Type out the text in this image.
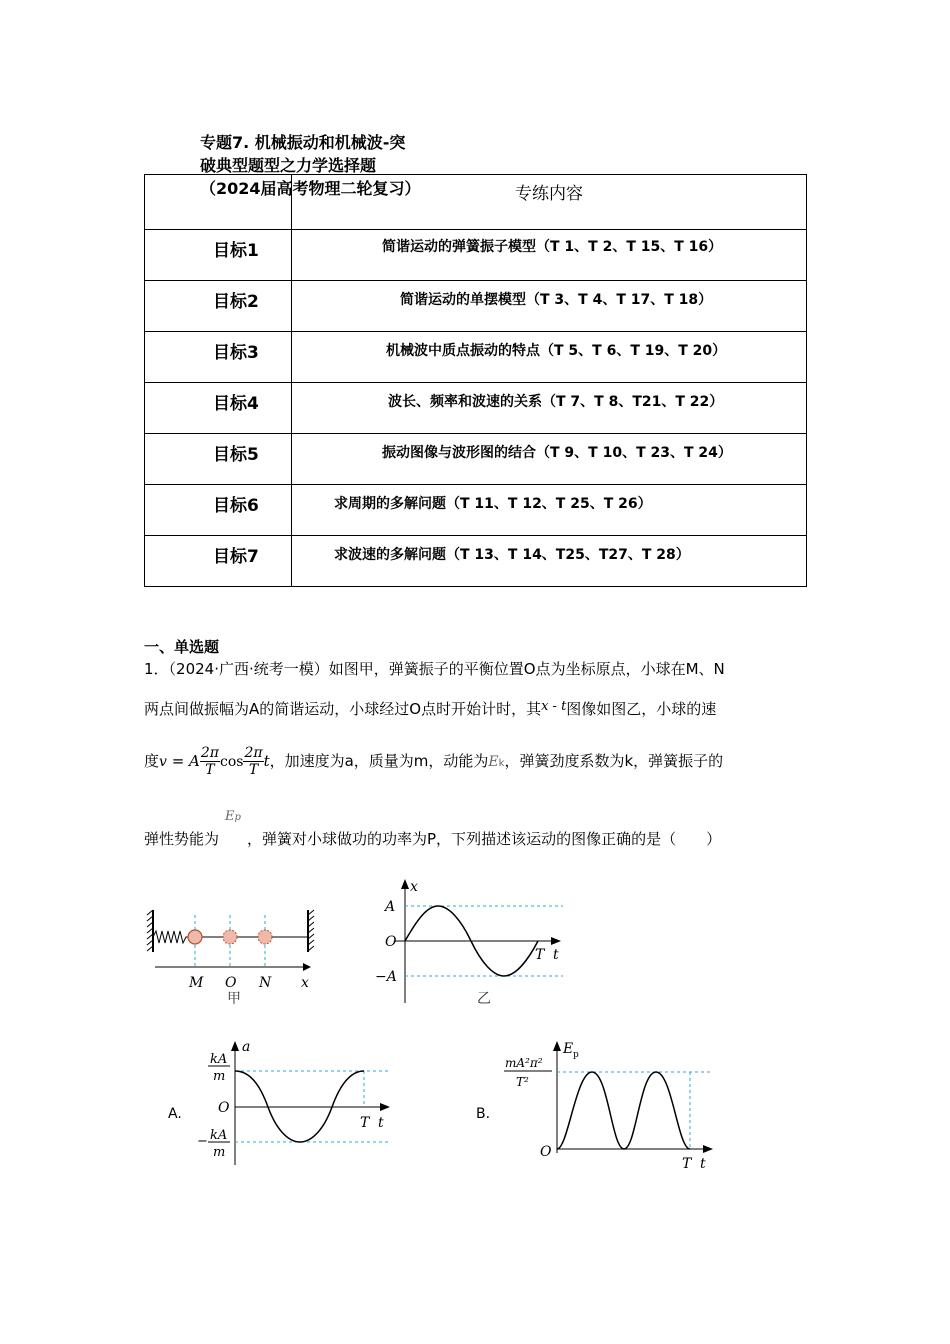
专题7. 机械振动和机械波-突破典型题型之力学选择题（2024届高考物理二轮复习）
		专练内容

目标1	简谐运动的弹簧振子模型（T 1、T 2、T 15、T 16）

目标2	简谐运动的单摆模型（T 3、T 4、T 17、T 18）

目标3	机械波中质点振动的特点（T 5、T 6、T 19、T 20）

目标4	波长、频率和波速的关系（T 7、T 8、T21、T 22）

目标5	振动图像与波形图的结合（T 9、T 10、T 23、T 24）

目标6	求周期的多解问题（T 11、T 12、T 25、T 26）

目标7	求波速的多解问题（T 13、T 14、T25、T27、T 28）
一、单选题
1．（2024·广西·统考一模）如图甲，弹簧振子的平衡位置O点为坐标原点，小球在M、N
两点间做振幅为A的简谐运动，小球经过O点时开始计时，其x - t图像如图乙，小球的速
度v = A $\frac{2\pi}{T}$ $\cos \frac{2\pi}{T}$ t，加速度为a，质量为m，动能为Ek，弹簧劲度系数为k，弹簧振子的
弹性势能为
Ep
，弹簧对小球做功的功率为P，下列描述该运动的图像正确的是（　　）
M O N x
甲
x
A
O
−A
T t
乙
A.
a
kA
m
O
− kA
m
T t
B.
E p
mA²π²
T²
O
T t
